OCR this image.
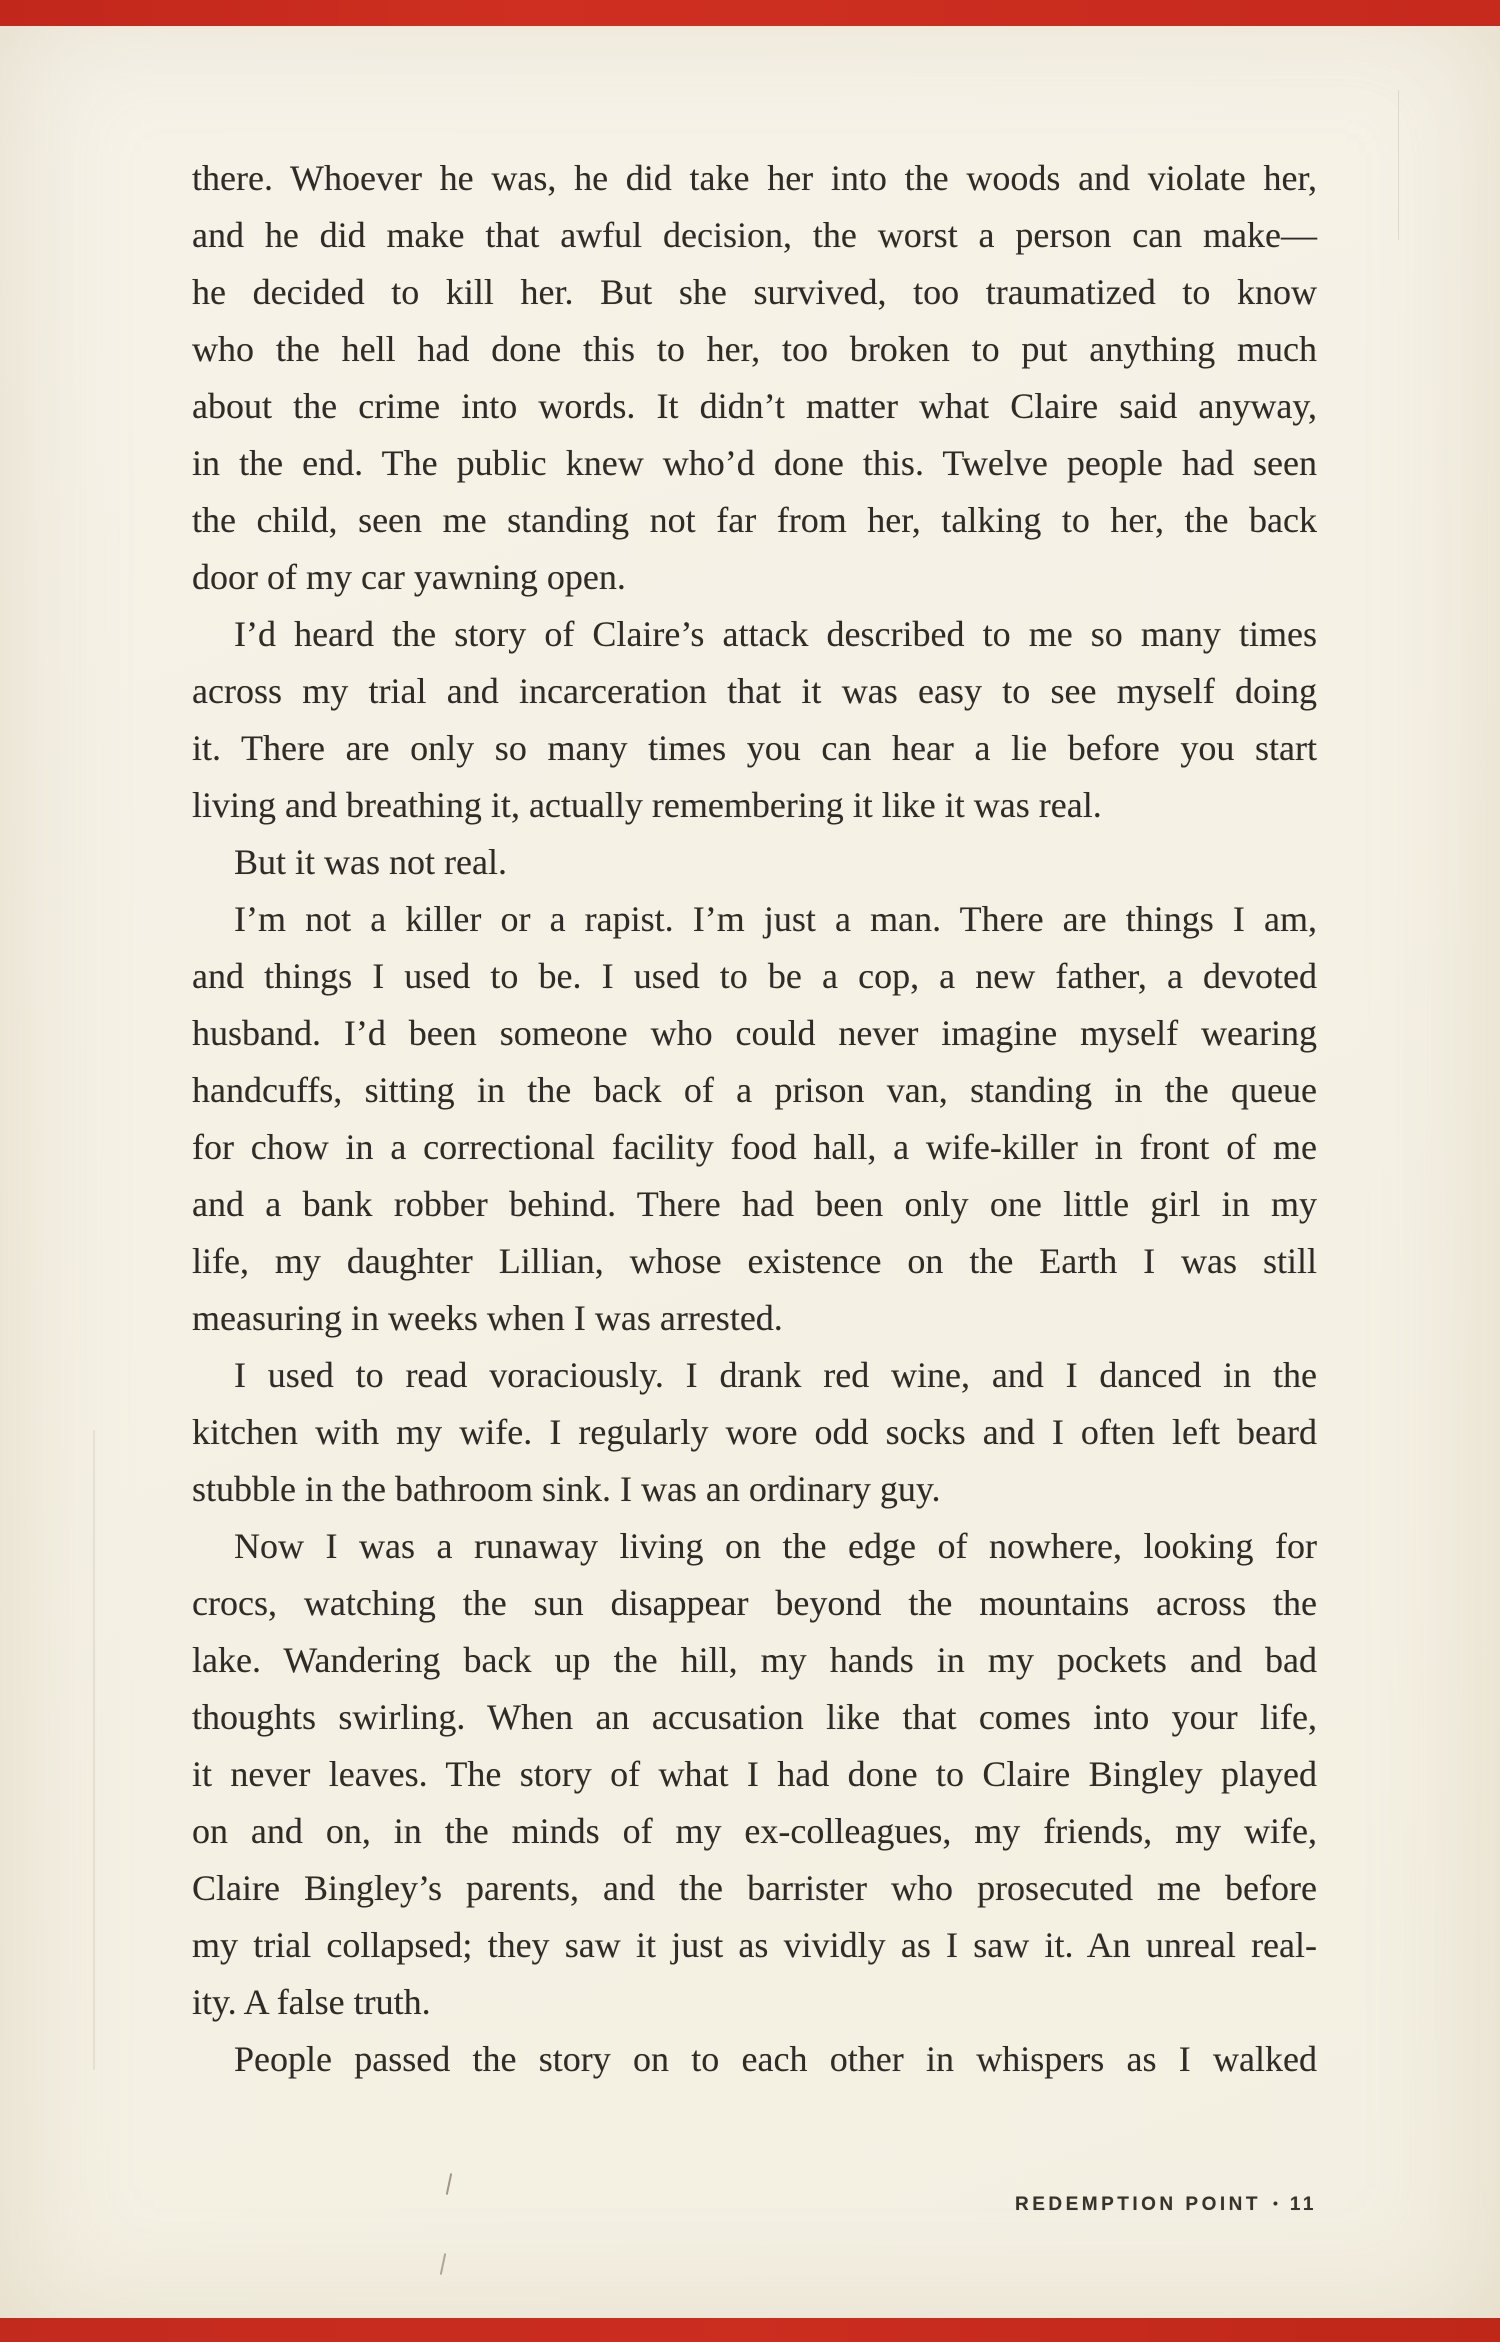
there. Whoever he was, he did take her into the woods and violate her,
and he did make that awful decision, the worst a person can make—
he decided to kill her. But she survived, too traumatized to know
who the hell had done this to her, too broken to put anything much
about the crime into words. It didn’t matter what Claire said anyway,
in the end. The public knew who’d done this. Twelve people had seen
the child, seen me standing not far from her, talking to her, the back
door of my car yawning open.
I’d heard the story of Claire’s attack described to me so many times
across my trial and incarceration that it was easy to see myself doing
it. There are only so many times you can hear a lie before you start
living and breathing it, actually remembering it like it was real.
But it was not real.
I’m not a killer or a rapist. I’m just a man. There are things I am,
and things I used to be. I used to be a cop, a new father, a devoted
husband. I’d been someone who could never imagine myself wearing
handcuffs, sitting in the back of a prison van, standing in the queue
for chow in a correctional facility food hall, a wife-killer in front of me
and a bank robber behind. There had been only one little girl in my
life, my daughter Lillian, whose existence on the Earth I was still
measuring in weeks when I was arrested.
I used to read voraciously. I drank red wine, and I danced in the
kitchen with my wife. I regularly wore odd socks and I often left beard
stubble in the bathroom sink. I was an ordinary guy.
Now I was a runaway living on the edge of nowhere, looking for
crocs, watching the sun disappear beyond the mountains across the
lake. Wandering back up the hill, my hands in my pockets and bad
thoughts swirling. When an accusation like that comes into your life,
it never leaves. The story of what I had done to Claire Bingley played
on and on, in the minds of my ex-colleagues, my friends, my wife,
Claire Bingley’s parents, and the barrister who prosecuted me before
my trial collapsed; they saw it just as vividly as I saw it. An unreal real-
ity. A false truth.
People passed the story on to each other in whispers as I walked
REDEMPTION POINT • 11
